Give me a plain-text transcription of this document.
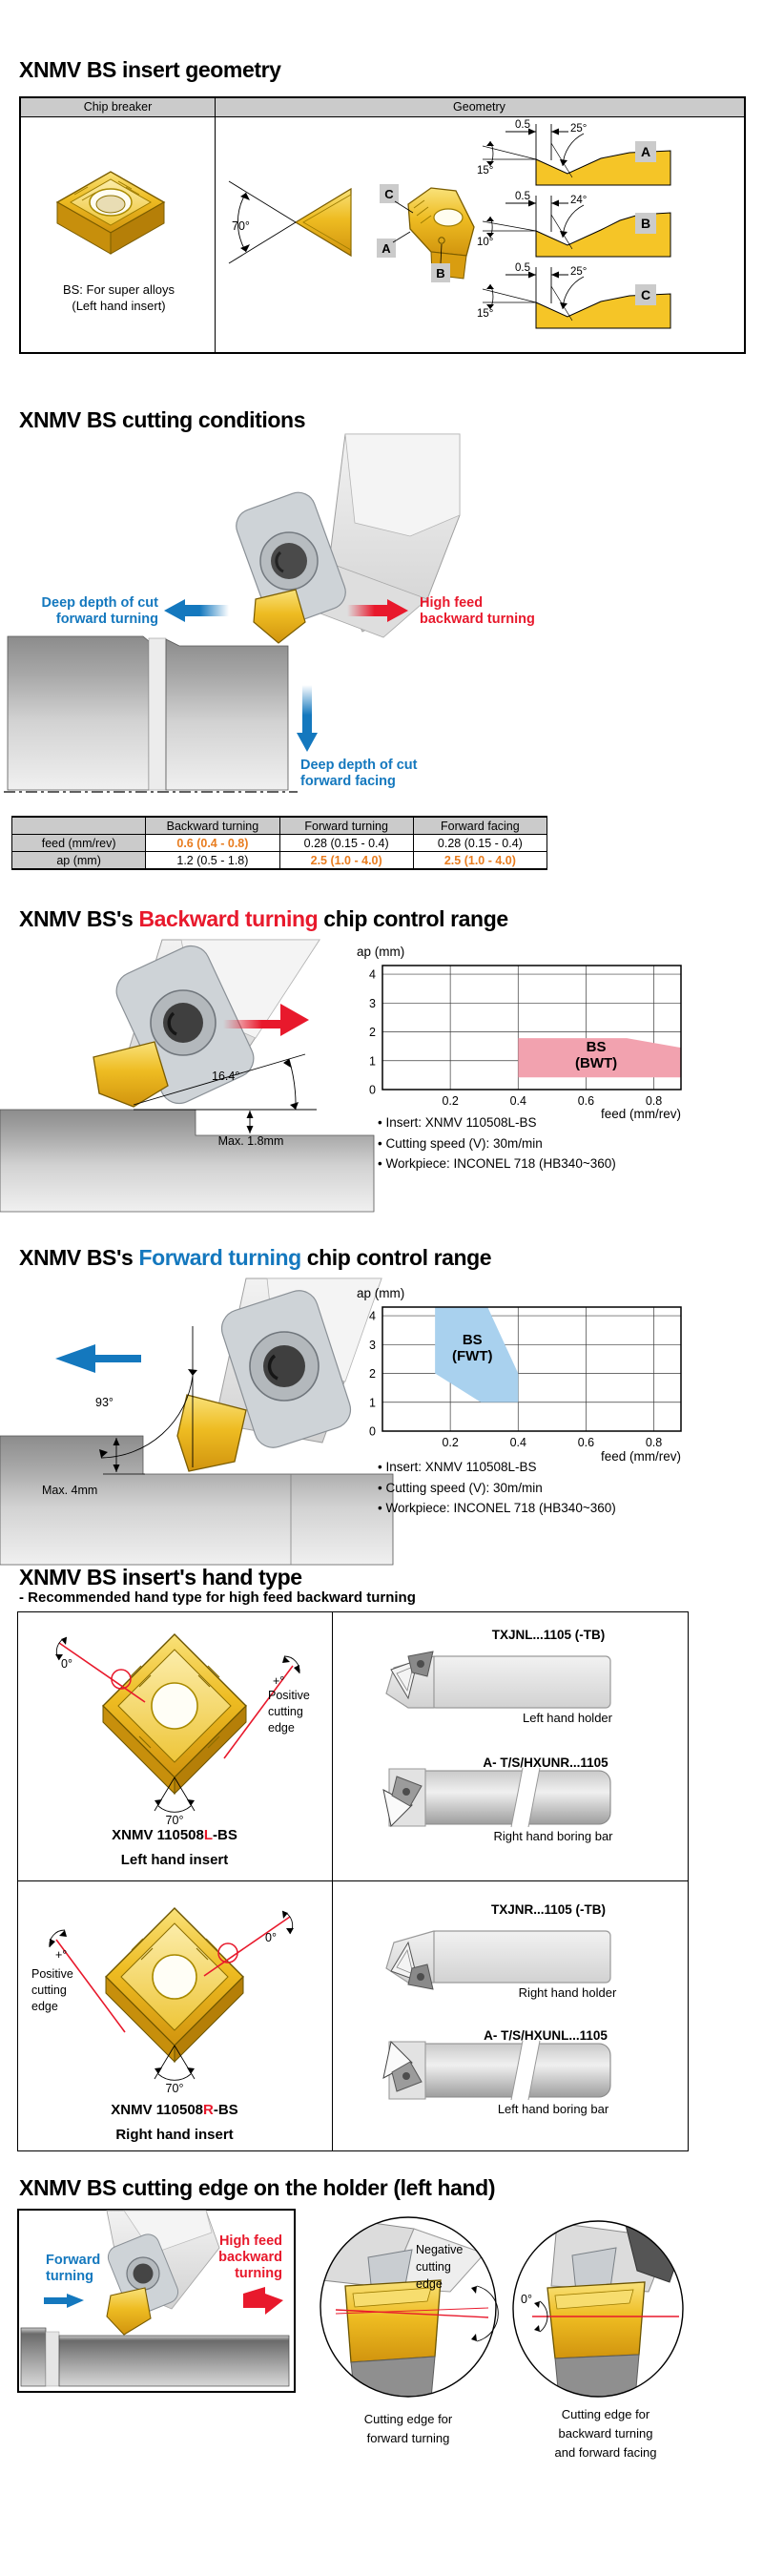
XNMV BS insert geometry
Chip breaker	Geometry
BS: For super alloys
(Left hand insert)
70°
C
A
B
0.5
15°
25°
A
0.5
10°
24°
B
0.5
15°
25°
C
XNMV BS cutting conditions
Deep depth of cut
forward turning
High feed
backward turning
Deep depth of cut
forward facing
	Backward turning	Forward turning	Forward facing
feed (mm/rev)	0.6 (0.4 - 0.8)	0.28 (0.15 - 0.4)	0.28 (0.15 - 0.4)
ap (mm)	1.2 (0.5 - 1.8)	2.5 (1.0 - 4.0)	2.5 (1.0 - 4.0)
XNMV BS's Backward turning chip control range
16.4°
Max. 1.8mm
ap (mm)
0
1
2
3
4
0.2	0.4	0.6	0.8
BS
(BWT)
feed (mm/rev)
• Insert: XNMV 110508L-BS
• Cutting speed (V): 30m/min
• Workpiece: INCONEL 718 (HB340~360)
XNMV BS's Forward turning chip control range
93°
Max. 4mm
ap (mm)
0
1
2
3
4
0.2	0.4	0.6	0.8
BS
(FWT)
feed (mm/rev)
• Insert: XNMV 110508L-BS
• Cutting speed (V): 30m/min
• Workpiece: INCONEL 718 (HB340~360)
XNMV BS insert's hand type
- Recommended hand type for high feed backward turning
70°
0°
+°
Positive
cutting
edge
XNMV 110508L-BS
Left hand insert
TXJNL...1105 (-TB)
Left hand holder
A- T/S/HXUNR...1105
Right hand boring bar
70°
0°
+°
Positive
cutting
edge
XNMV 110508R-BS
Right hand insert
TXJNR...1105 (-TB)
Right hand holder
A- T/S/HXUNL...1105
Left hand boring bar
XNMV BS cutting edge on the holder (left hand)
Negative
cutting
edge
0°
Cutting edge for
forward turning
Cutting edge for
backward turning
and forward facing
Forward
turning
High feed
backward
turning
